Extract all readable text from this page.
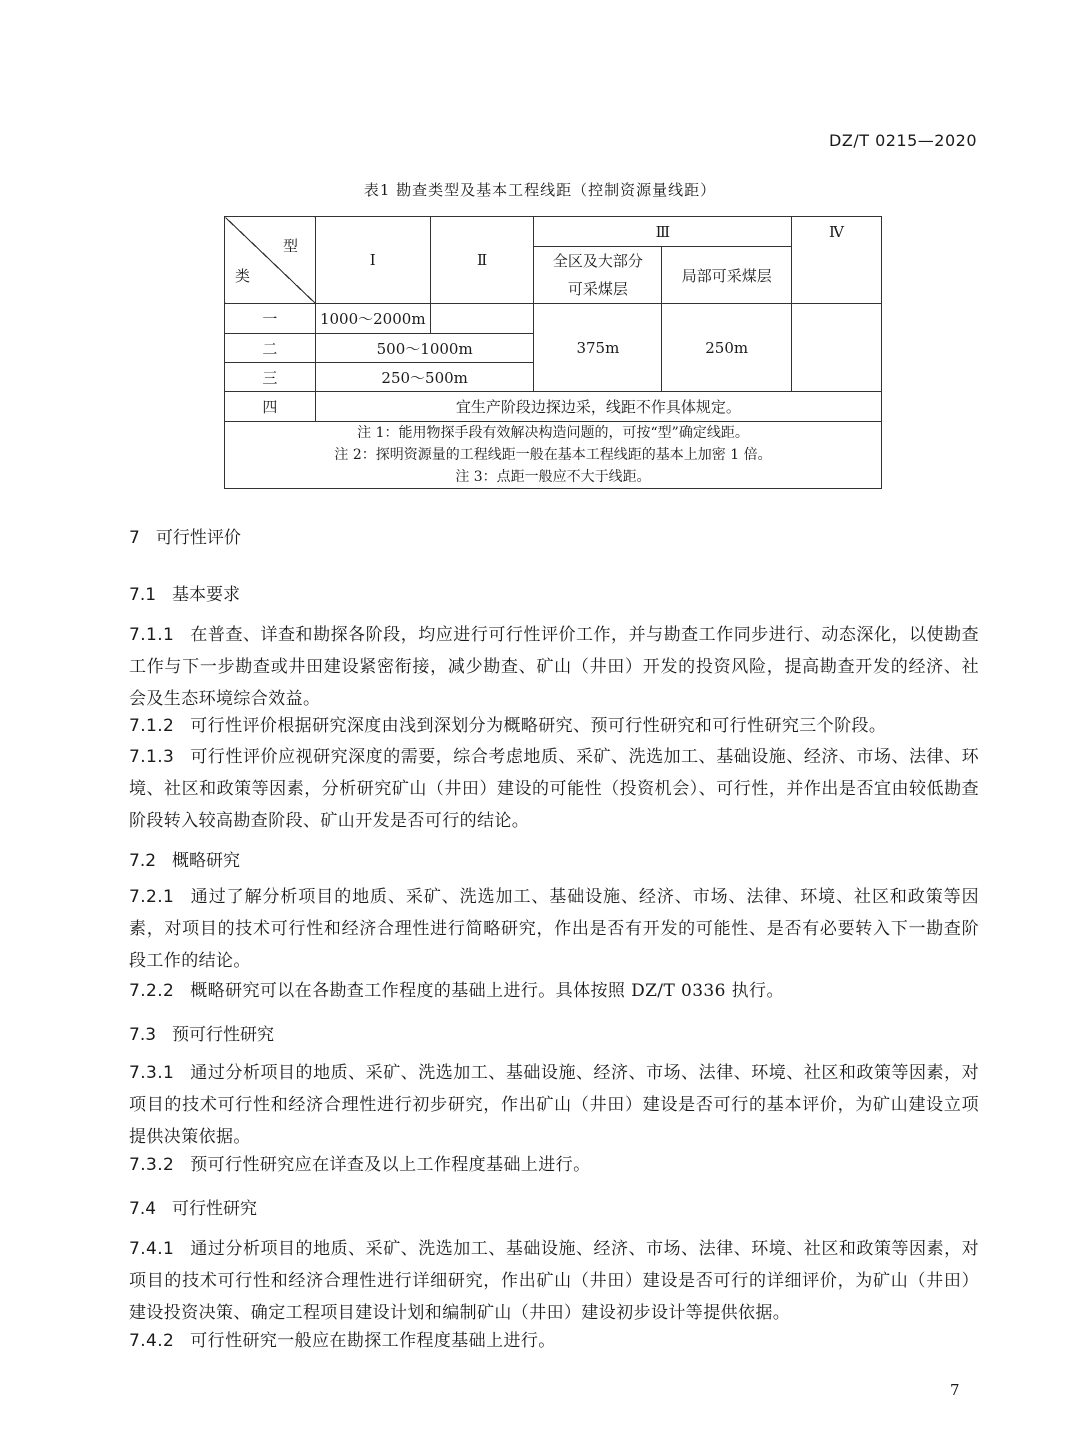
DZ/T 0215—2020
表1 勘查类型及基本工程线距（控制资源量线距）
型
类	Ⅰ	Ⅱ	Ⅲ		Ⅳ
			全区及大部分可采煤层	局部可采煤层	
一	1000～2000m		375m	250m	
二	500～1000m				
三	250～500m				
四	宜生产阶段边探边采，线距不作具体规定。				

注 1：能用物探手段有效解决构造问题的，可按“型”确定线距。
注 2：探明资源量的工程线距一般在基本工程线距的基本上加密 1 倍。
注 3：点距一般应不大于线距。					
7 可行性评价
7.1 基本要求
7.1.1 在普查、详查和勘探各阶段，均应进行可行性评价工作，并与勘查工作同步进行、动态深化，以使勘查工作与下一步勘查或井田建设紧密衔接，减少勘查、矿山（井田）开发的投资风险，提高勘查开发的经济、社会及生态环境综合效益。
7.1.2 可行性评价根据研究深度由浅到深划分为概略研究、预可行性研究和可行性研究三个阶段。
7.1.3 可行性评价应视研究深度的需要，综合考虑地质、采矿、洗选加工、基础设施、经济、市场、法律、环境、社区和政策等因素，分析研究矿山（井田）建设的可能性（投资机会）、可行性，并作出是否宜由较低勘查阶段转入较高勘查阶段、矿山开发是否可行的结论。
7.2 概略研究
7.2.1 通过了解分析项目的地质、采矿、洗选加工、基础设施、经济、市场、法律、环境、社区和政策等因素，对项目的技术可行性和经济合理性进行简略研究，作出是否有开发的可能性、是否有必要转入下一勘查阶段工作的结论。
7.2.2 概略研究可以在各勘查工作程度的基础上进行。具体按照 DZ/T 0336 执行。
7.3 预可行性研究
7.3.1 通过分析项目的地质、采矿、洗选加工、基础设施、经济、市场、法律、环境、社区和政策等因素，对项目的技术可行性和经济合理性进行初步研究，作出矿山（井田）建设是否可行的基本评价，为矿山建设立项提供决策依据。
7.3.2 预可行性研究应在详查及以上工作程度基础上进行。
7.4 可行性研究
7.4.1 通过分析项目的地质、采矿、洗选加工、基础设施、经济、市场、法律、环境、社区和政策等因素，对项目的技术可行性和经济合理性进行详细研究，作出矿山（井田）建设是否可行的详细评价，为矿山（井田）建设投资决策、确定工程项目建设计划和编制矿山（井田）建设初步设计等提供依据。
7.4.2 可行性研究一般应在勘探工作程度基础上进行。
7
